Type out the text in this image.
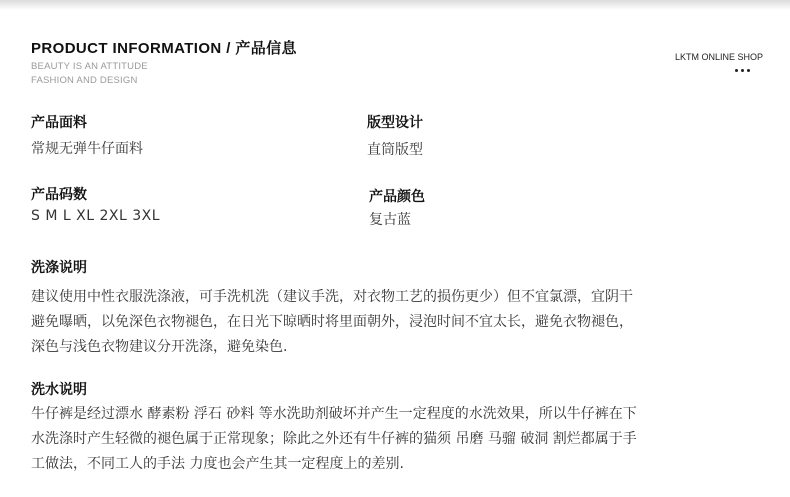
PRODUCT INFORMATION / 产品信息
BEAUTY IS AN ATTITUDE
FASHION AND DESIGN
LKTM ONLINE SHOP
产品面料
常规无弹牛仔面料
版型设计
直筒版型
产品码数
S M L XL 2XL 3XL
产品颜色
复古蓝
洗涤说明
建议使用中性衣服洗涤液，可手洗机洗（建议手洗，对衣物工艺的损伤更少）但不宜氯漂，宜阴干
避免曝晒，以免深色衣物褪色，在日光下晾晒时将里面朝外，浸泡时间不宜太长，避免衣物褪色，
深色与浅色衣物建议分开洗涤，避免染色.
洗水说明
牛仔裤是经过漂水 酵素粉 浮石 砂料 等水洗助剂破坏并产生一定程度的水洗效果，所以牛仔裤在下
水洗涤时产生轻微的褪色属于正常现象；除此之外还有牛仔裤的猫须 吊磨 马骝 破洞 割烂都属于手
工做法，不同工人的手法 力度也会产生其一定程度上的差别.
